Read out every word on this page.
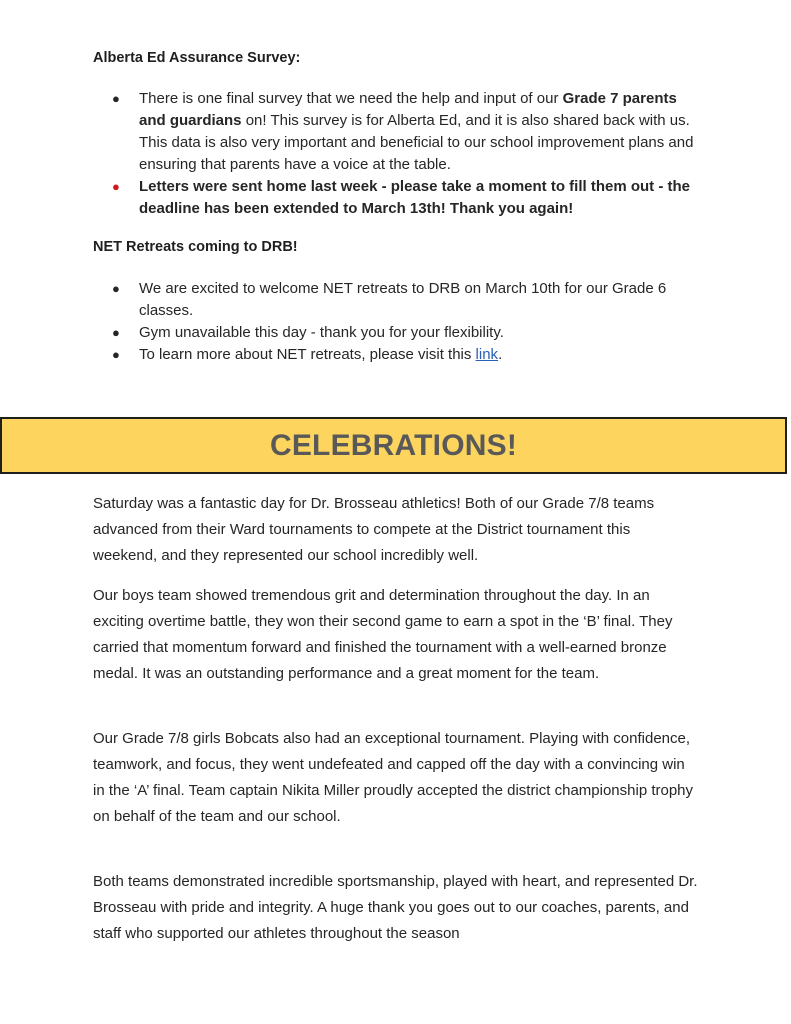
Alberta Ed Assurance Survey:
● There is one final survey that we need the help and input of our Grade 7 parents and guardians on! This survey is for Alberta Ed, and it is also shared back with us. This data is also very important and beneficial to our school improvement plans and ensuring that parents have a voice at the table.
● Letters were sent home last week - please take a moment to fill them out - the deadline has been extended to March 13th! Thank you again!
NET Retreats coming to DRB!
● We are excited to welcome NET retreats to DRB on March 10th for our Grade 6 classes.
● Gym unavailable this day - thank you for your flexibility.
● To learn more about NET retreats, please visit this link.
CELEBRATIONS!

Saturday was a fantastic day for Dr. Brosseau athletics! Both of our Grade 7/8 teams advanced from their Ward tournaments to compete at the District tournament this weekend, and they represented our school incredibly well.

Our boys team showed tremendous grit and determination throughout the day. In an exciting overtime battle, they won their second game to earn a spot in the ‘B’ final. They carried that momentum forward and finished the tournament with a well-earned bronze medal. It was an outstanding performance and a great moment for the team.

Our Grade 7/8 girls Bobcats also had an exceptional tournament. Playing with confidence, teamwork, and focus, they went undefeated and capped off the day with a convincing win in the ‘A’ final. Team captain Nikita Miller proudly accepted the district championship trophy on behalf of the team and our school.

Both teams demonstrated incredible sportsmanship, played with heart, and represented Dr. Brosseau with pride and integrity. A huge thank you goes out to our coaches, parents, and staff who supported our athletes throughout the season
